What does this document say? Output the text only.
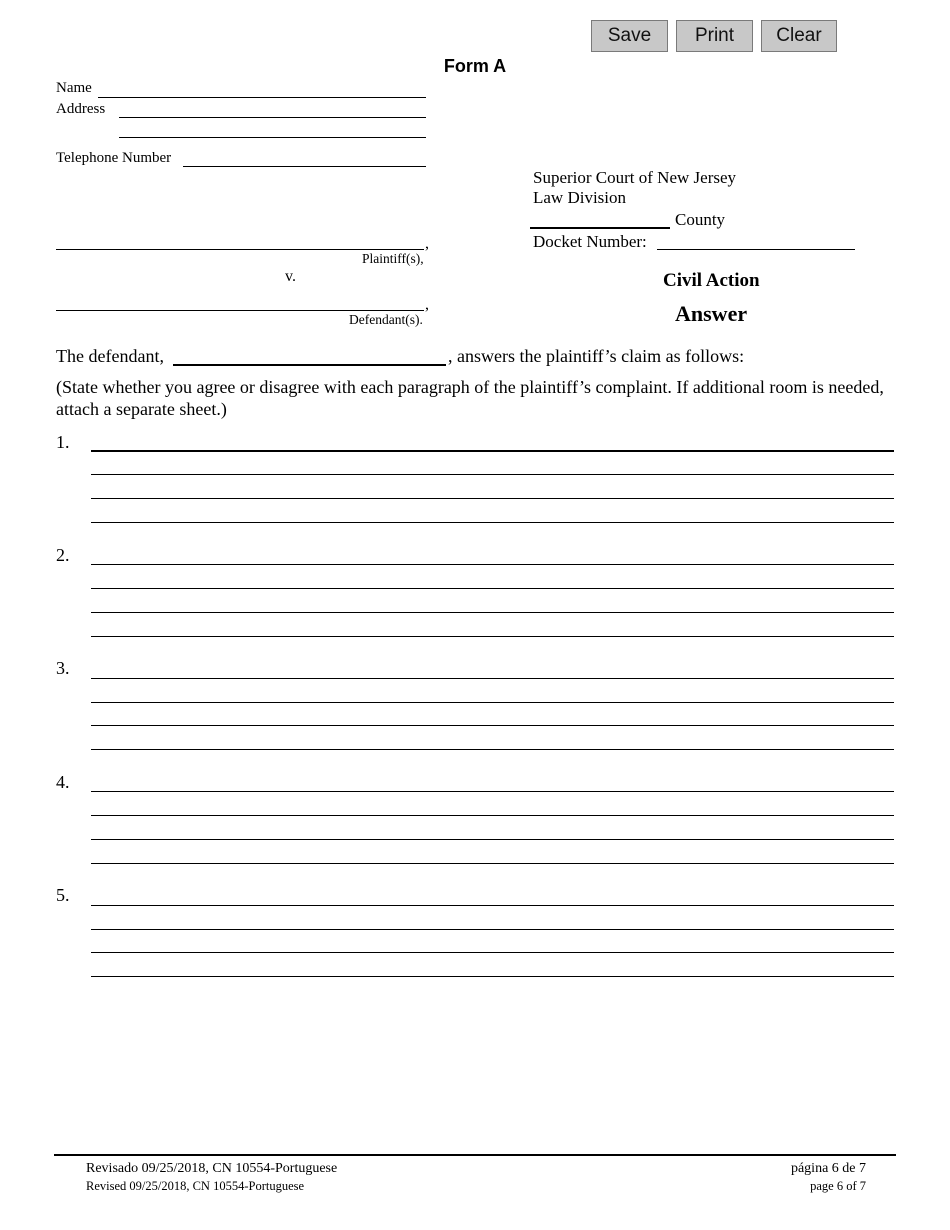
Save	Print	Clear
Form A
Name
Address
Telephone Number
Superior Court of New Jersey
Law Division
County
Docket Number:
,
Plaintiff(s),
v.
,
Defendant(s).
Civil Action
Answer
The defendant,	, answers the plaintiff’s claim as follows:
(State whether you agree or disagree with each paragraph of the plaintiff’s complaint. If additional room is needed, attach a separate sheet.)
1.
2.
3.
4.
5.
Revisado 09/25/2018, CN 10554-Portuguese
Revised 09/25/2018, CN 10554-Portuguese
página 6 de 7
page 6 of 7
